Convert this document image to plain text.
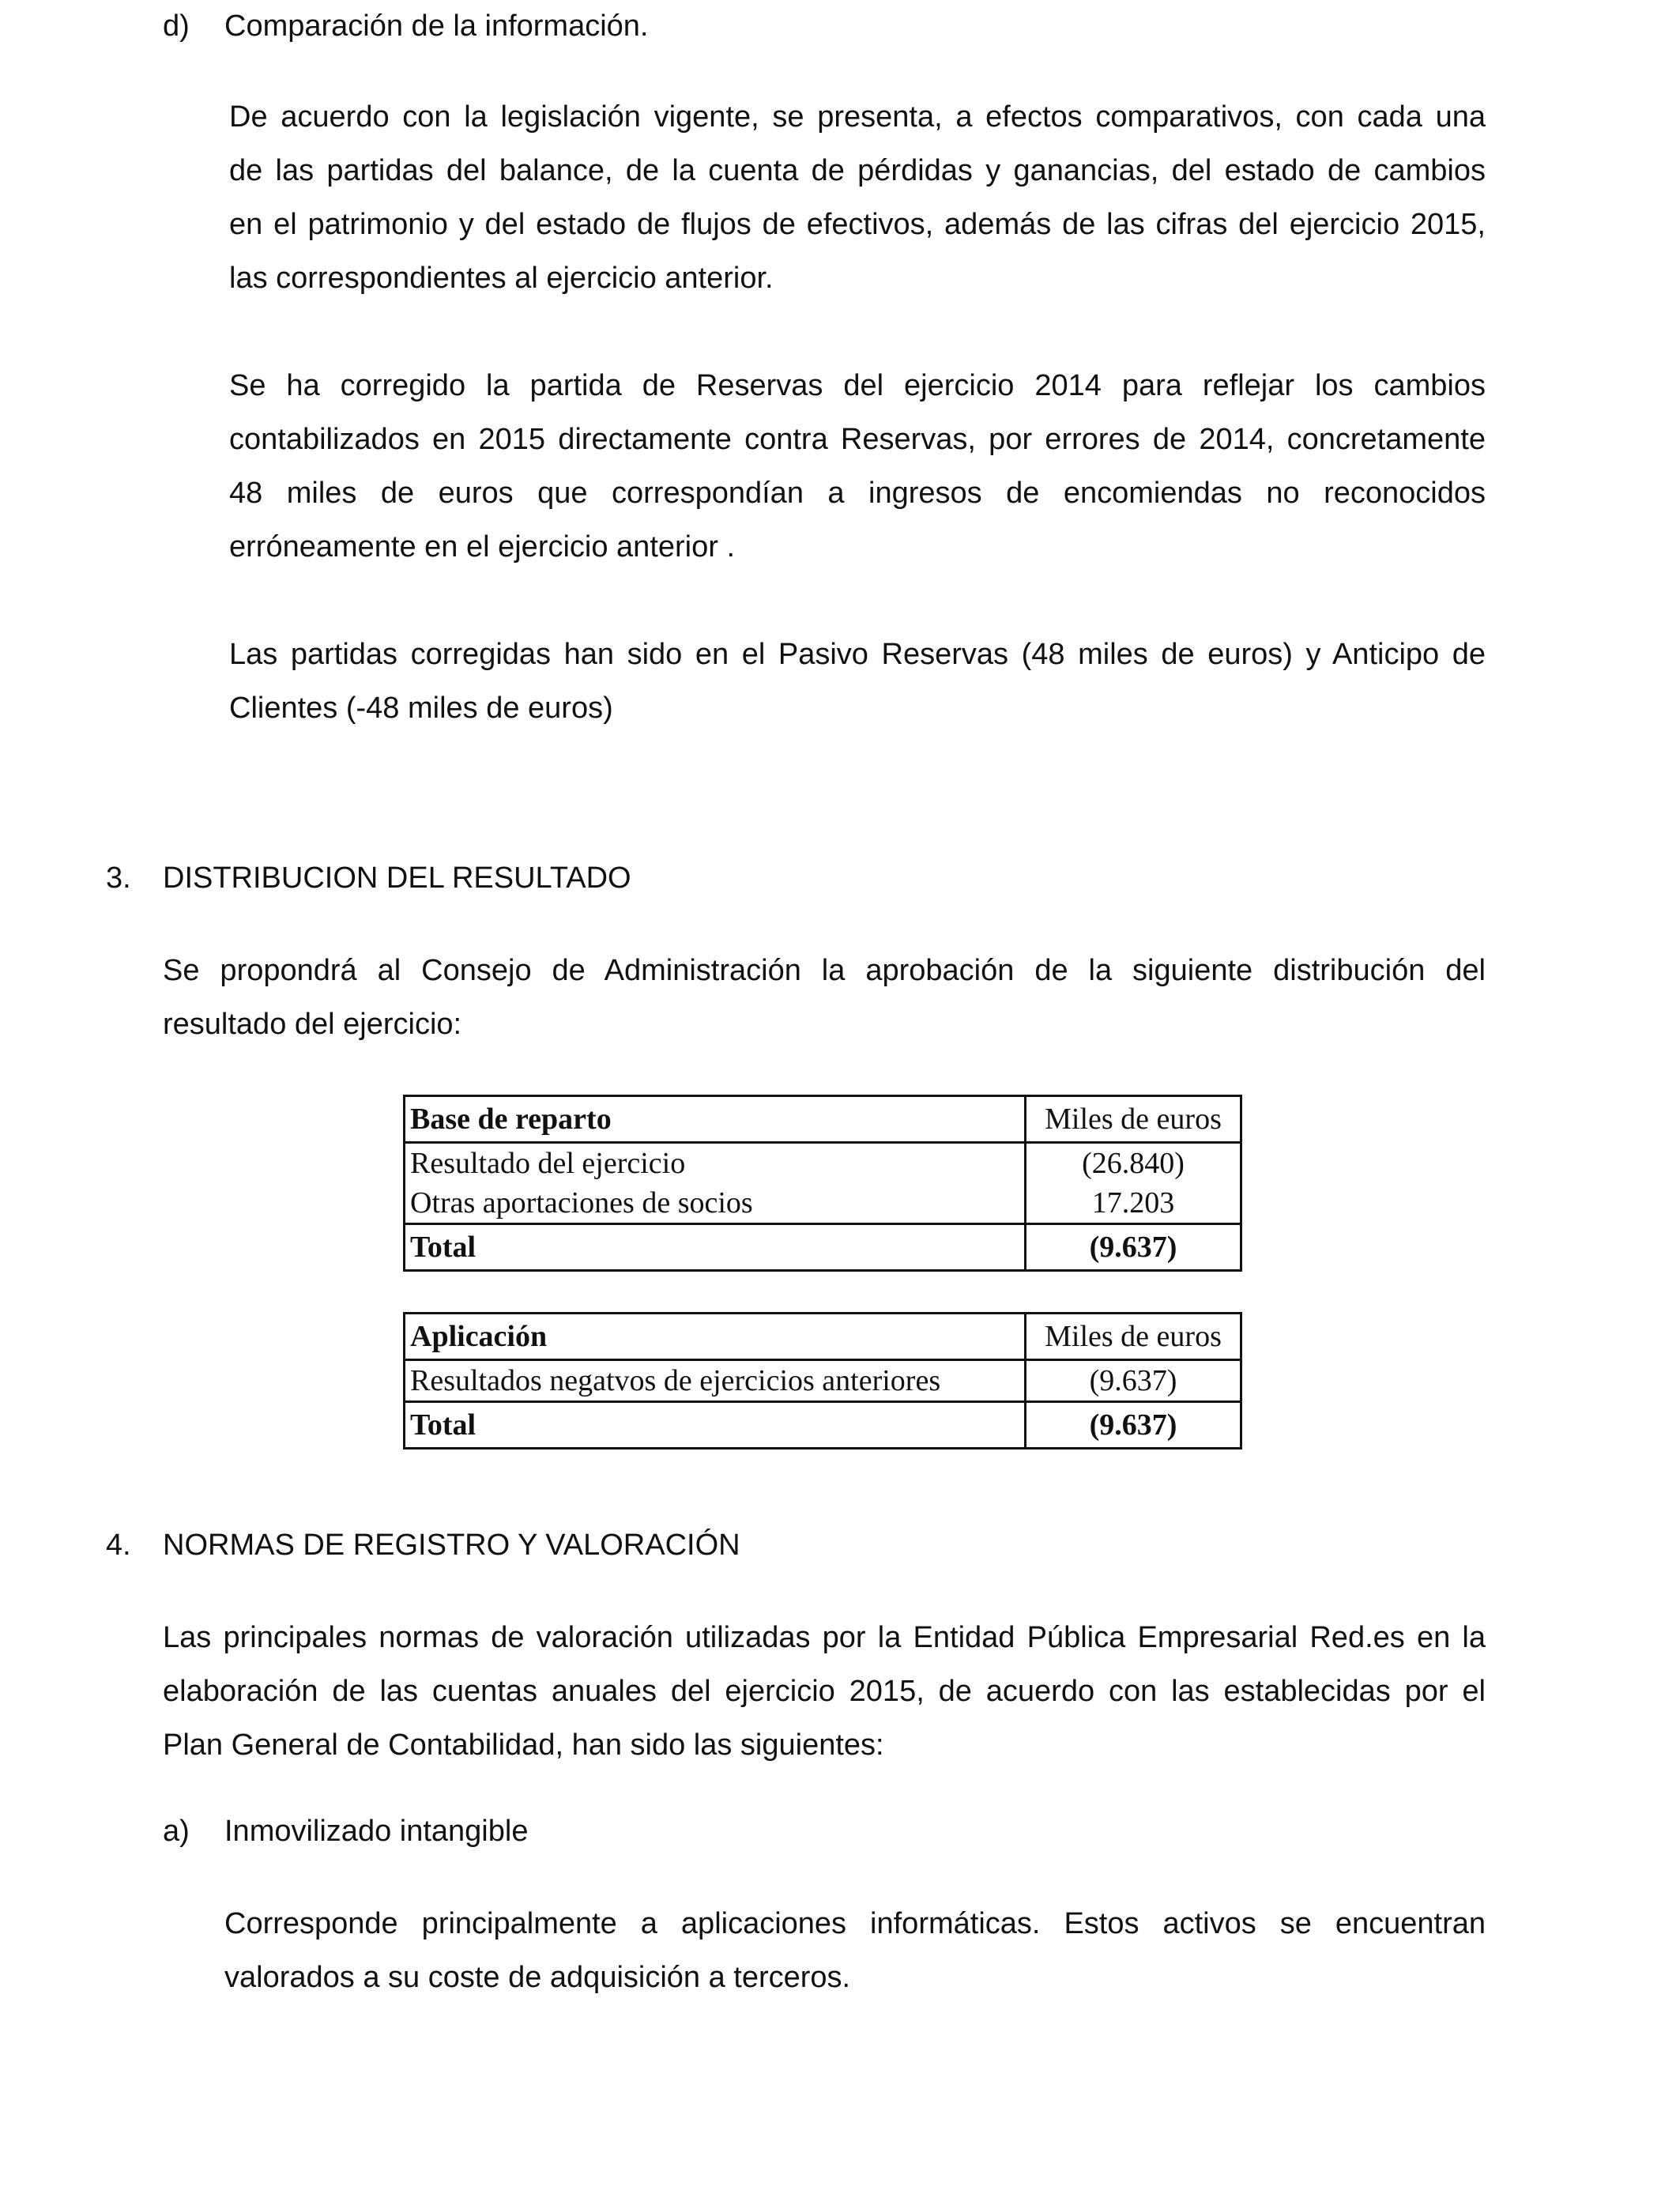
d) Comparación de la información.
De acuerdo con la legislación vigente, se presenta, a efectos comparativos, con cada una
de las partidas del balance, de la cuenta de pérdidas y ganancias, del estado de cambios
en el patrimonio y del estado de flujos de efectivos, además de las cifras del ejercicio 2015,
las correspondientes al ejercicio anterior.
Se ha corregido la partida de Reservas del ejercicio 2014 para reflejar los cambios
contabilizados en 2015 directamente contra Reservas, por errores de 2014, concretamente
48 miles de euros que correspondían a ingresos de encomiendas no reconocidos
erróneamente en el ejercicio anterior .
Las partidas corregidas han sido en el Pasivo Reservas (48 miles de euros) y Anticipo de
Clientes (-48 miles de euros)
3. DISTRIBUCION DEL RESULTADO
Se propondrá al Consejo de Administración la aprobación de la siguiente distribución del
resultado del ejercicio:
Base de reparto	Miles de euros
Resultado del ejercicio	(26.840)
Otras aportaciones de socios	17.203
Total	(9.637)
Aplicación	Miles de euros
Resultados negatvos de ejercicios anteriores	(9.637)
Total	(9.637)
4. NORMAS DE REGISTRO Y VALORACIÓN
Las principales normas de valoración utilizadas por la Entidad Pública Empresarial Red.es en la
elaboración de las cuentas anuales del ejercicio 2015, de acuerdo con las establecidas por el
Plan General de Contabilidad, han sido las siguientes:
a) Inmovilizado intangible
Corresponde principalmente a aplicaciones informáticas. Estos activos se encuentran
valorados a su coste de adquisición a terceros.
